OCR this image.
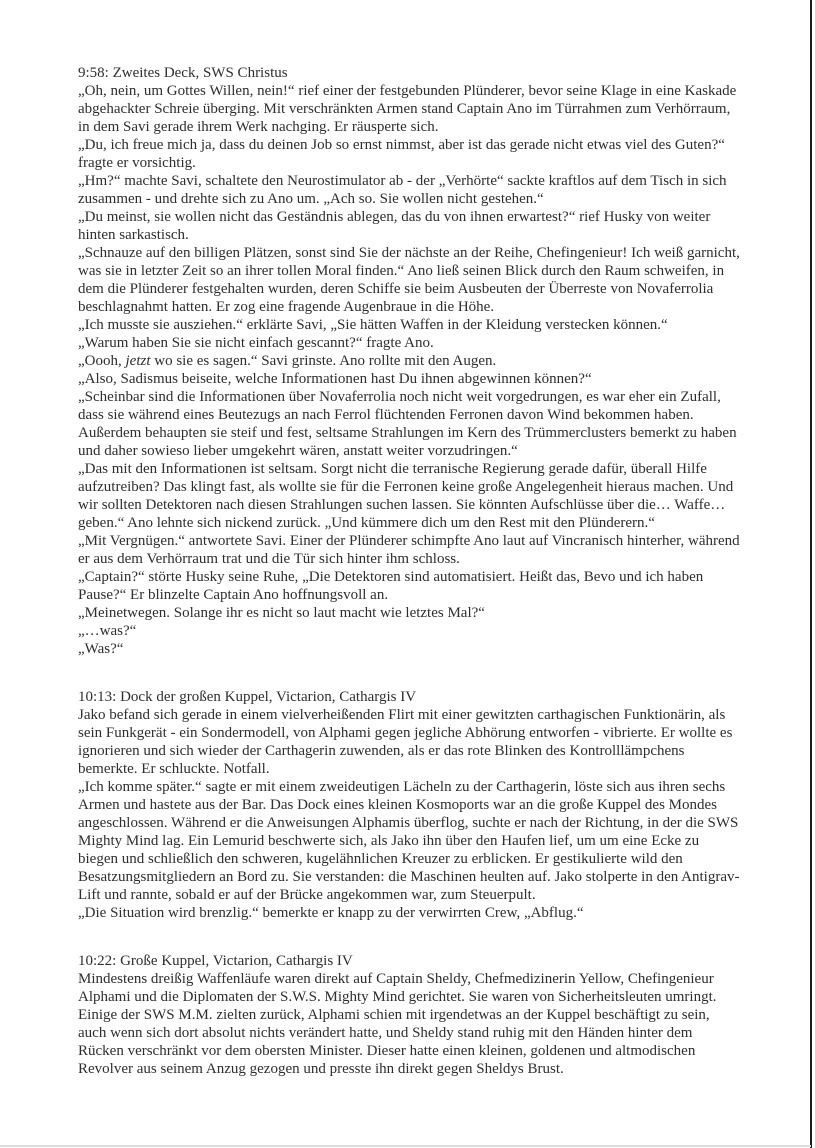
9:58: Zweites Deck, SWS Christus

„Oh, nein, um Gottes Willen, nein!“ rief einer der festgebunden Plünderer, bevor seine Klage in eine Kaskade abgehackter Schreie überging. Mit verschränkten Armen stand Captain Ano im Türrahmen zum Verhörraum, in dem Savi gerade ihrem Werk nachging. Er räusperte sich.

„Du, ich freue mich ja, dass du deinen Job so ernst nimmst, aber ist das gerade nicht etwas viel des Guten?“ fragte er vorsichtig.

„Hm?“ machte Savi, schaltete den Neurostimulator ab - der „Verhörte“ sackte kraftlos auf dem Tisch in sich zusammen - und drehte sich zu Ano um. „Ach so. Sie wollen nicht gestehen.“

„Du meinst, sie wollen nicht das Geständnis ablegen, das du von ihnen erwartest?“ rief Husky von weiter hinten sarkastisch.

„Schnauze auf den billigen Plätzen, sonst sind Sie der nächste an der Reihe, Chefingenieur! Ich weiß garnicht, was sie in letzter Zeit so an ihrer tollen Moral finden.“ Ano ließ seinen Blick durch den Raum schweifen, in dem die Plünderer festgehalten wurden, deren Schiffe sie beim Ausbeuten der Überreste von Novaferrolia beschlagnahmt hatten. Er zog eine fragende Augenbraue in die Höhe.

„Ich musste sie ausziehen.“ erklärte Savi, „Sie hätten Waffen in der Kleidung verstecken können.“

„Warum haben Sie sie nicht einfach gescannt?“ fragte Ano.

„Oooh, jetzt wo sie es sagen.“ Savi grinste. Ano rollte mit den Augen.

„Also, Sadismus beiseite, welche Informationen hast Du ihnen abgewinnen können?“

„Scheinbar sind die Informationen über Novaferrolia noch nicht weit vorgedrungen, es war eher ein Zufall, dass sie während eines Beutezugs an nach Ferrol flüchtenden Ferronen davon Wind bekommen haben. Außerdem behaupten sie steif und fest, seltsame Strahlungen im Kern des Trümmerclusters bemerkt zu haben und daher sowieso lieber umgekehrt wären, anstatt weiter vorzudringen.“

„Das mit den Informationen ist seltsam. Sorgt nicht die terranische Regierung gerade dafür, überall Hilfe aufzutreiben? Das klingt fast, als wollte sie für die Ferronen keine große Angelegenheit hieraus machen. Und wir sollten Detektoren nach diesen Strahlungen suchen lassen. Sie könnten Aufschlüsse über die… Waffe… geben.“ Ano lehnte sich nickend zurück. „Und kümmere dich um den Rest mit den Plünderern.“

„Mit Vergnügen.“ antwortete Savi. Einer der Plünderer schimpfte Ano laut auf Vincranisch hinterher, während er aus dem Verhörraum trat und die Tür sich hinter ihm schloss.

„Captain?“ störte Husky seine Ruhe, „Die Detektoren sind automatisiert. Heißt das, Bevo und ich haben Pause?“ Er blinzelte Captain Ano hoffnungsvoll an.

„Meinetwegen. Solange ihr es nicht so laut macht wie letztes Mal?“

„…was?“

„Was?“

10:13: Dock der großen Kuppel, Victarion, Cathargis IV

Jako befand sich gerade in einem vielverheißenden Flirt mit einer gewitzten carthagischen Funktionärin, als sein Funkgerät - ein Sondermodell, von Alphami gegen jegliche Abhörung entworfen - vibrierte. Er wollte es ignorieren und sich wieder der Carthagerin zuwenden, als er das rote Blinken des Kontrolllämpchens bemerkte. Er schluckte. Notfall.

„Ich komme später.“ sagte er mit einem zweideutigen Lächeln zu der Carthagerin, löste sich aus ihren sechs Armen und hastete aus der Bar. Das Dock eines kleinen Kosmoports war an die große Kuppel des Mondes angeschlossen. Während er die Anweisungen Alphamis überflog, suchte er nach der Richtung, in der die SWS Mighty Mind lag. Ein Lemurid beschwerte sich, als Jako ihn über den Haufen lief, um um eine Ecke zu biegen und schließlich den schweren, kugelähnlichen Kreuzer zu erblicken. Er gestikulierte wild den Besatzungsmitgliedern an Bord zu. Sie verstanden: die Maschinen heulten auf. Jako stolperte in den Antigrav-Lift und rannte, sobald er auf der Brücke angekommen war, zum Steuerpult.

„Die Situation wird brenzlig.“ bemerkte er knapp zu der verwirrten Crew, „Abflug.“

10:22: Große Kuppel, Victarion, Cathargis IV

Mindestens dreißig Waffenläufe waren direkt auf Captain Sheldy, Chefmedizinerin Yellow, Chefingenieur Alphami und die Diplomaten der S.W.S. Mighty Mind gerichtet. Sie waren von Sicherheitsleuten umringt. Einige der SWS M.M. zielten zurück, Alphami schien mit irgendetwas an der Kuppel beschäftigt zu sein, auch wenn sich dort absolut nichts verändert hatte, und Sheldy stand ruhig mit den Händen hinter dem Rücken verschränkt vor dem obersten Minister. Dieser hatte einen kleinen, goldenen und altmodischen Revolver aus seinem Anzug gezogen und presste ihn direkt gegen Sheldys Brust.
